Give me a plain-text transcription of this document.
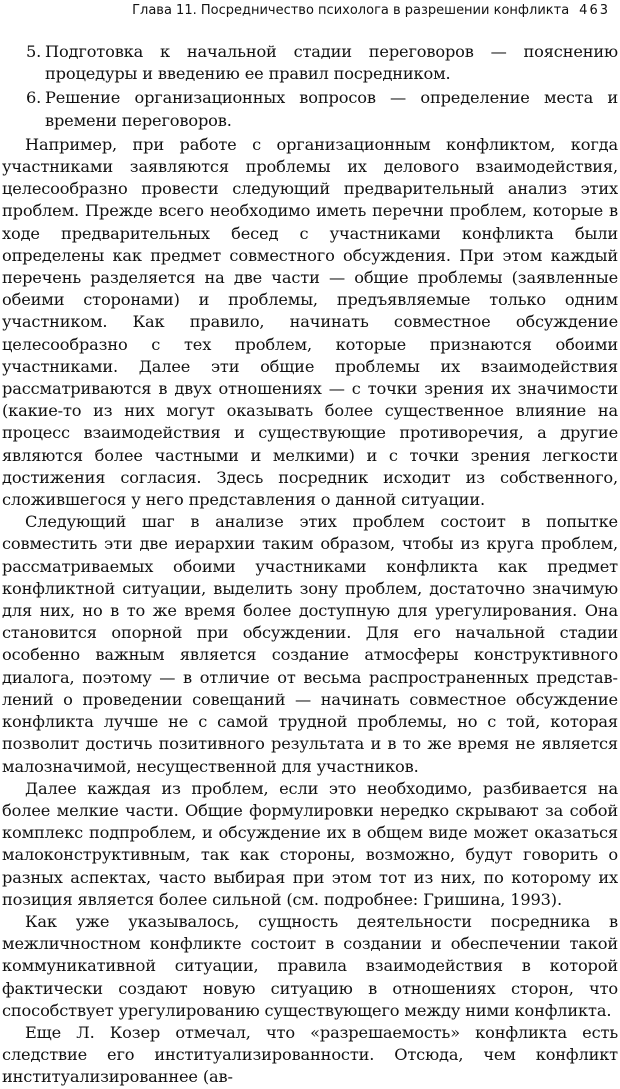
Глава 11. Посредничество психолога в разрешении конфликта 463

5. Подготовка к начальной стадии переговоров — пояснению процедуры и введению ее правил посредником.

6. Решение организационных вопросов — определение места и времени переговоров.

Например, при работе с организационным конфликтом, когда участниками заявляются проблемы их делового взаимодействия, целесообразно провести следующий предварительный анализ этих проблем. Прежде всего необходимо иметь перечни проблем, которые в ходе предварительных бесед с участниками конфликта были определены как предмет совместного обсуждения. При этом каждый перечень разделяется на две части — общие проблемы (заявленные обеими сторонами) и проблемы, предъявляемые только одним участником. Как правило, начинать совместное обсуждение целесообразно с тех проблем, которые признаются обоими участниками. Далее эти общие проблемы их взаимодействия рассматриваются в двух отношениях — с точки зрения их значимости (какие-то из них могут оказывать более существенное влияние на процесс взаимодействия и существующие противоречия, а другие являются более частными и мелкими) и с точки зрения легкости достижения согласия. Здесь посредник исходит из собственного, сложившегося у него представления о данной ситуации.

Следующий шаг в анализе этих проблем состоит в попытке совместить эти две иерархии таким образом, чтобы из круга проблем, рассматриваемых обоими участниками конфликта как предмет конфликтной ситуации, выделить зону проблем, достаточно значимую для них, но в то же время более доступную для урегулирования. Она становится опорной при обсуждении. Для его начальной стадии особенно важным является создание атмосферы конструктивного диалога, поэтому — в отличие от весьма распространенных представлений о проведении совещаний — начинать совместное обсуждение конфликта лучше не с самой трудной проблемы, но с той, которая позволит достичь позитивного результата и в то же время не является малозначимой, несущественной для участников.

Далее каждая из проблем, если это необходимо, разбивается на более мелкие части. Общие формулировки нередко скрывают за собой комплекс подпроблем, и обсуждение их в общем виде может оказаться малоконструктивным, так как стороны, возможно, будут говорить о разных аспектах, часто выбирая при этом тот из них, по которому их позиция является более сильной (см. подробнее: Гришина, 1993).

Как уже указывалось, сущность деятельности посредника в межличностном конфликте состоит в создании и обеспечении такой коммуникативной ситуации, правила взаимодействия в которой фактически создают новую ситуацию в отношениях сторон, что способствует урегулированию существующего между ними конфликта.

Еще Л. Козер отмечал, что «разрешаемость» конфликта есть следствие его институализированности. Отсюда, чем конфликт институализированнее (ав-
